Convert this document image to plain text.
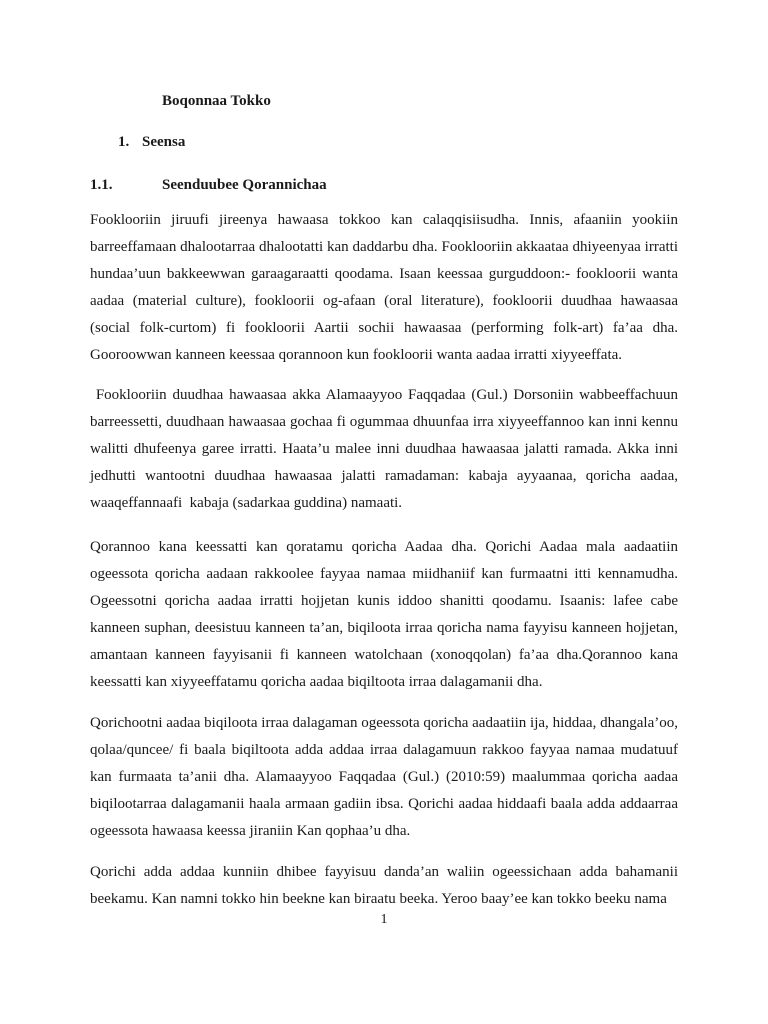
Boqonnaa Tokko
1. Seensa
1.1.	Seenduubee Qorannichaa

Fooklooriin jiruufi jireenya hawaasa tokkoo kan calaqqisiisudha. Innis, afaaniin yookiin barreeffamaan dhalootarraa dhalootatti kan daddarbu dha. Fooklooriin akkaataa dhiyeenyaa irratti hundaa’uun bakkeewwan garaagaraatti qoodama. Isaan keessaa gurguddoon:- fookloorii wanta aadaa (material culture), fookloorii og-afaan (oral literature), fookloorii duudhaa hawaasaa (social folk-curtom) fi fookloorii Aartii sochii hawaasaa (performing folk-art) fa’aa dha. Gooroowwan kanneen keessaa qorannoon kun fookloorii wanta aadaa irratti xiyyeeffata.

Fooklooriin duudhaa hawaasaa akka Alamaayyoo Faqqadaa (Gul.) Dorsoniin wabbeeffachuun barreessetti, duudhaan hawaasaa gochaa fi ogummaa dhuunfaa irra xiyyeeffannoo kan inni kennu walitti dhufeenya garee irratti. Haata’u malee inni duudhaa hawaasaa jalatti ramada. Akka inni jedhutti wantootni duudhaa hawaasaa jalatti ramadaman: kabaja ayyaanaa, qoricha aadaa, waaqeffannaafi  kabaja (sadarkaa guddina) namaati.

Qorannoo kana keessatti kan qoratamu qoricha Aadaa dha. Qorichi Aadaa mala aadaatiin ogeessota qoricha aadaan rakkoolee fayyaa namaa miidhaniif kan furmaatni itti kennamudha. Ogeessotni qoricha aadaa irratti hojjetan kunis iddoo shanitti qoodamu. Isaanis: lafee cabe kanneen suphan, deesistuu kanneen ta’an, biqiloota irraa qoricha nama fayyisu kanneen hojjetan, amantaan kanneen fayyisanii fi kanneen watolchaan (xonoqqolan) fa’aa dha.Qorannoo kana keessatti kan xiyyeeffatamu qoricha aadaa biqiltoota irraa dalagamanii dha.

Qorichootni aadaa biqiloota irraa dalagaman ogeessota qoricha aadaatiin ija, hiddaa, dhangala’oo, qolaa/quncee/ fi baala biqiltoota adda addaa irraa dalagamuun rakkoo fayyaa namaa mudatuuf kan furmaata ta’anii dha. Alamaayyoo Faqqadaa (Gul.) (2010:59) maalummaa qoricha aadaa biqilootarraa dalagamanii haala armaan gadiin ibsa. Qorichi aadaa hiddaafi baala adda addaarraa ogeessota hawaasa keessa jiraniin Kan qophaa’u dha.

Qorichi adda addaa kunniin dhibee fayyisuu danda’an waliin ogeessichaan adda bahamanii beekamu. Kan namni tokko hin beekne kan biraatu beeka. Yeroo baay’ee kan tokko beeku nama

1
